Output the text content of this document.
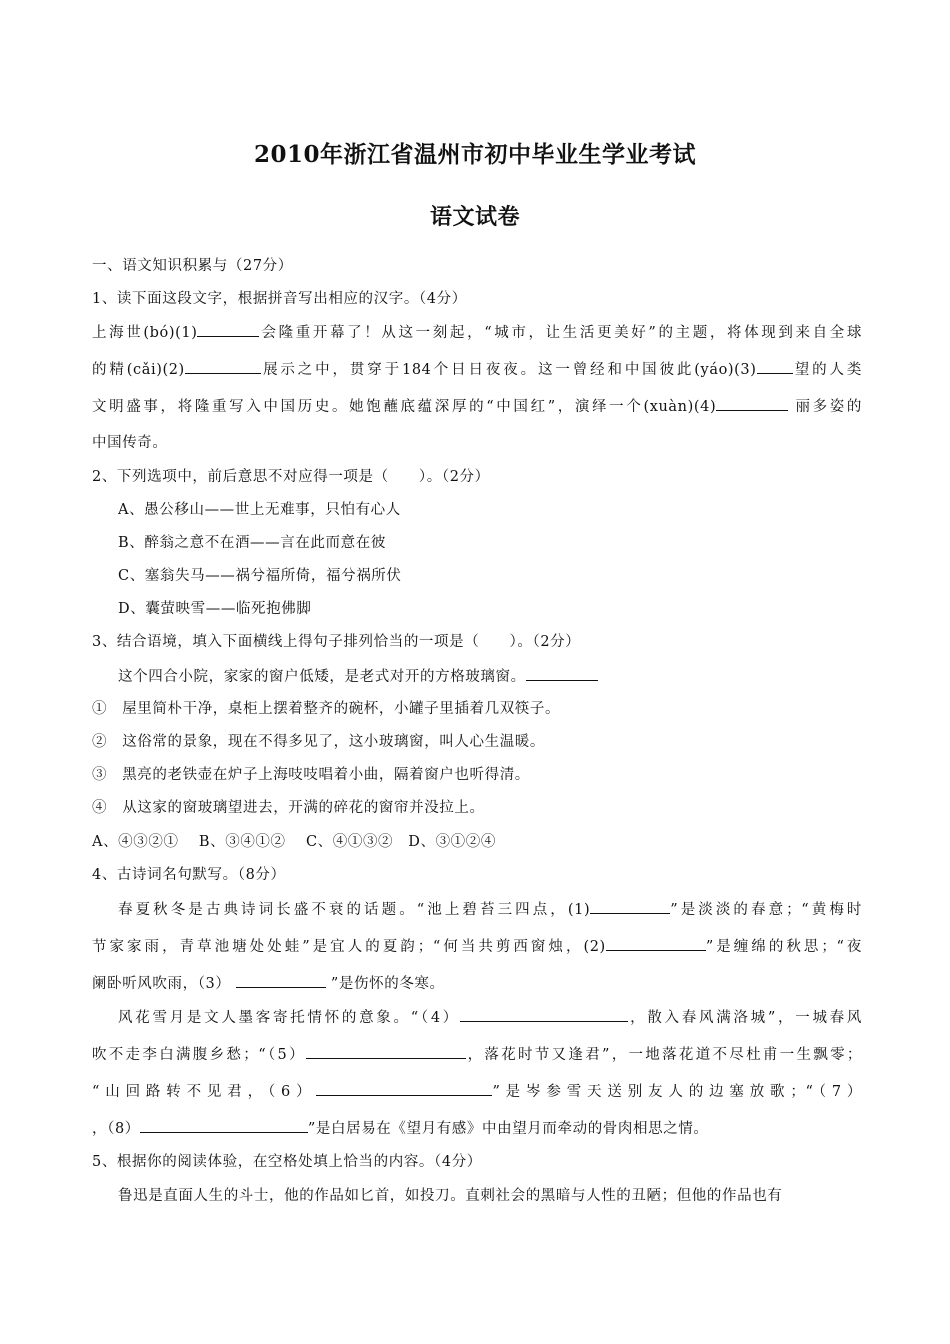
2010年浙江省温州市初中毕业生学业考试
语文试卷
一、语文知识积累与（27分）
1、读下面这段文字，根据拼音写出相应的汉字。（4分）
上海世(bó)(1)	会隆重开幕了！从这一刻起，“城市，让生活更美好”的主题，将体现到来自全球
的精(cǎi)(2)	展示之中，贯穿于184个日日夜夜。这一曾经和中国彼此(yáo)(3) 望的人类
文明盛事，将隆重写入中国历史。她饱蘸底蕴深厚的“中国红”，演绎一个(xuàn)(4)	丽多姿的
中国传奇。
2、下列选项中，前后意思不对应得一项是（　　）。（2分）
A、愚公移山——世上无难事，只怕有心人
B、醉翁之意不在酒——言在此而意在彼
C、塞翁失马——祸兮福所倚，福兮祸所伏
D、囊萤映雪——临死抱佛脚
3、结合语境，填入下面横线上得句子排列恰当的一项是（　　）。（2分）
这个四合小院，家家的窗户低矮，是老式对开的方格玻璃窗。
①　屋里简朴干净，桌柜上摆着整齐的碗杯，小罐子里插着几双筷子。
②　这俗常的景象，现在不得多见了，这小玻璃窗，叫人心生温暖。
③　黑亮的老铁壶在炉子上海吱吱唱着小曲，隔着窗户也听得清。
④　从这家的窗玻璃望进去，开满的碎花的窗帘并没拉上。
A、④③②①　 B、③④①②　 C、④①③②　D、③①②④
4、古诗词名句默写。（8分）
春夏秋冬是古典诗词长盛不衰的话题。“池上碧苔三四点，(1)	”是淡淡的春意；“黄梅时
节家家雨，青草池塘处处蛙”是宜人的夏韵；“何当共剪西窗烛，(2)	”是缠绵的秋思；“夜
阑卧听风吹雨，（3）	”是伤怀的冬寒。
风花雪月是文人墨客寄托情怀的意象。“（4）	，散入春风满洛城”，一城春风
吹不走李白满腹乡愁；“（5）	，落花时节又逢君”，一地落花道不尽杜甫一生飘零；
“山回路转不见君，（6）	”是岑参雪天送别友人的边塞放歌；“（7）
，（8）	”是白居易在《望月有感》中由望月而牵动的骨肉相思之情。
5、根据你的阅读体验，在空格处填上恰当的内容。（4分）
鲁迅是直面人生的斗士，他的作品如匕首，如投刀。直刺社会的黑暗与人性的丑陋；但他的作品也有
